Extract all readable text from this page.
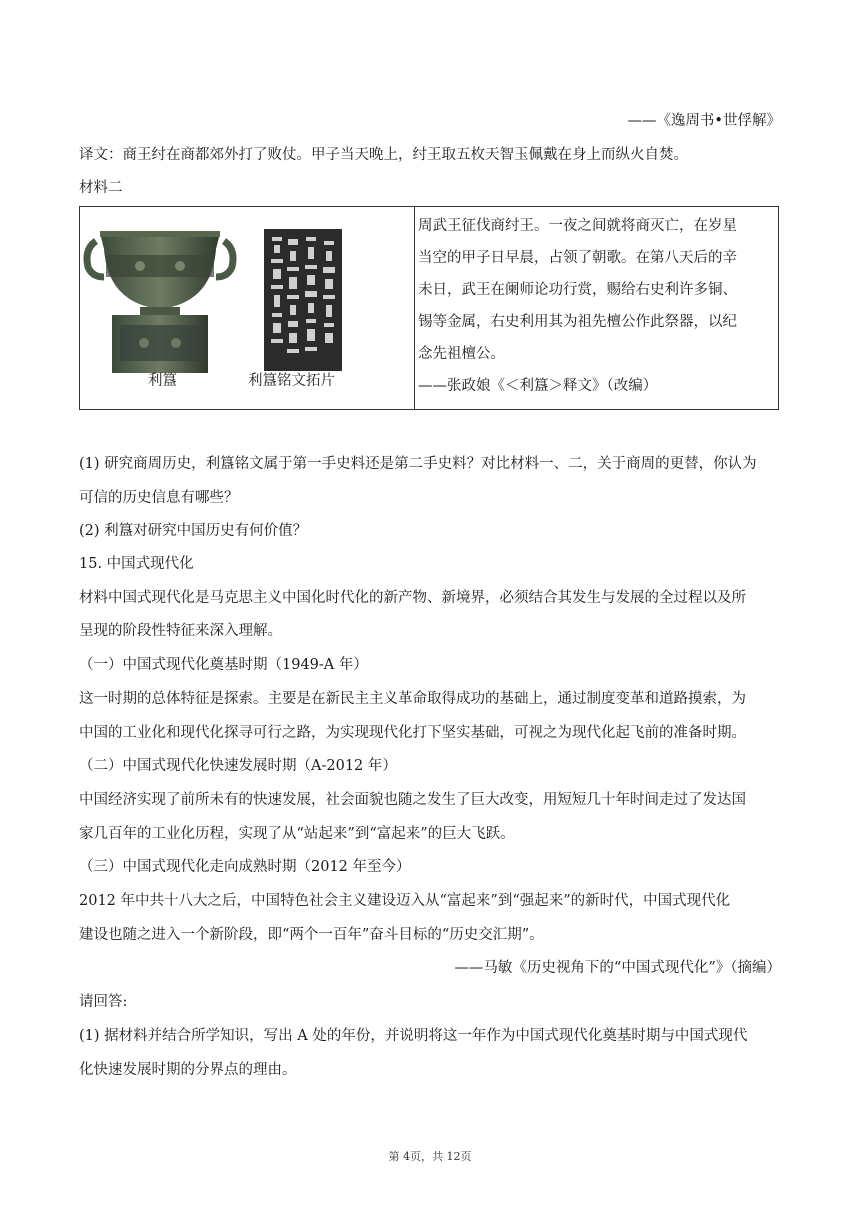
——《逸周书•世俘解》
译文：商王纣在商都郊外打了败仗。甲子当天晚上，纣王取五枚天智玉佩戴在身上而纵火自焚。
材料二
利簋	利簋铭文拓片
周武王征伐商纣王。一夜之间就将商灭亡，在岁星
当空的甲子日早晨，占领了朝歌。在第八天后的辛
未日，武王在阑师论功行赏，赐给右史利许多铜、
锡等金属，右史利用其为祖先檀公作此祭器，以纪
念先祖檀公。
——张政娘《＜利簋＞释文》（改编）
(1) 研究商周历史，利簋铭文属于第一手史料还是第二手史料？对比材料一、二，关于商周的更替，你认为
可信的历史信息有哪些？
(2) 利簋对研究中国历史有何价值？
15. 中国式现代化
材料中国式现代化是马克思主义中国化时代化的新产物、新境界，必须结合其发生与发展的全过程以及所
呈现的阶段性特征来深入理解。
（一）中国式现代化奠基时期（1949-A 年）
这一时期的总体特征是探索。主要是在新民主主义革命取得成功的基础上，通过制度变革和道路摸索，为
中国的工业化和现代化探寻可行之路，为实现现代化打下坚实基础，可视之为现代化起飞前的准备时期。
（二）中国式现代化快速发展时期（A-2012 年）
中国经济实现了前所未有的快速发展，社会面貌也随之发生了巨大改变，用短短几十年时间走过了发达国
家几百年的工业化历程，实现了从“站起来”到“富起来”的巨大飞跃。
（三）中国式现代化走向成熟时期（2012 年至今）
2012 年中共十八大之后，中国特色社会主义建设迈入从“富起来”到“强起来”的新时代，中国式现代化
建设也随之进入一个新阶段，即“两个一百年”奋斗目标的“历史交汇期”。
——马敏《历史视角下的“中国式现代化”》（摘编）
请回答:
(1) 据材料并结合所学知识，写出 A 处的年份，并说明将这一年作为中国式现代化奠基时期与中国式现代
化快速发展时期的分界点的理由。
第 4页，共 12页
